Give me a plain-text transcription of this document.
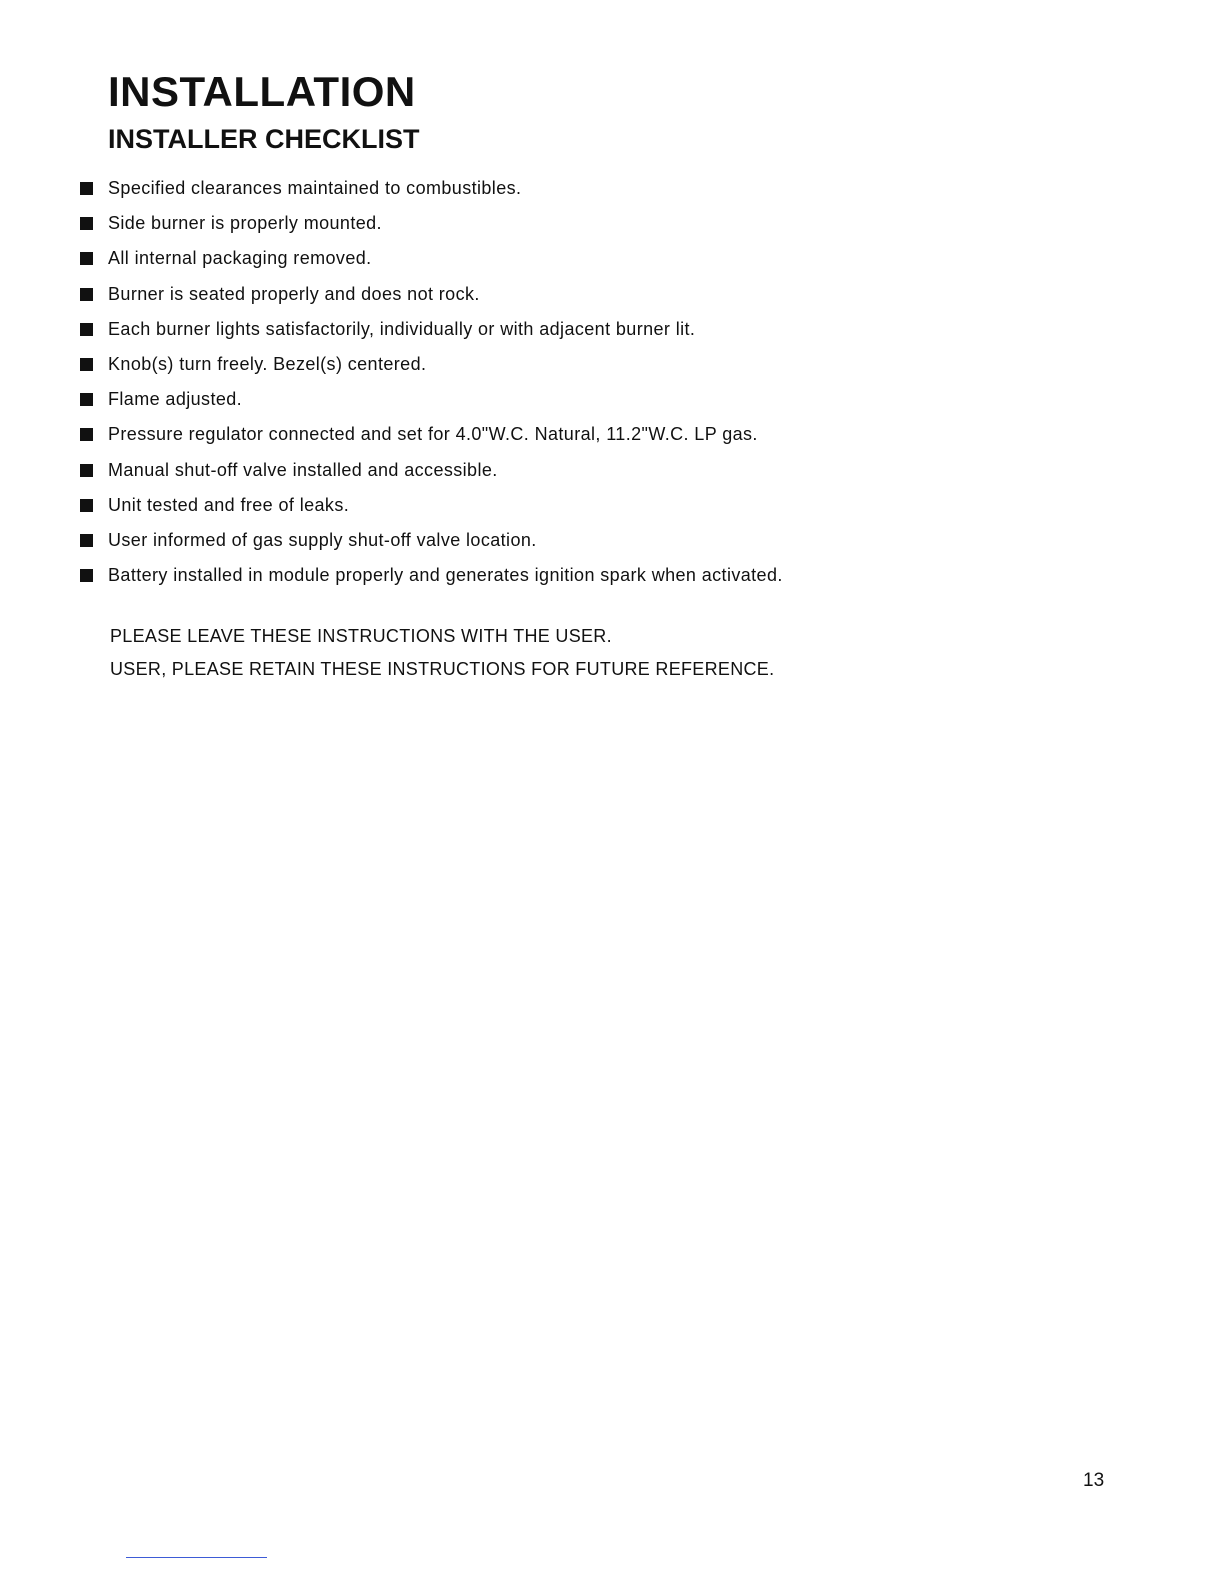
INSTALLATION
INSTALLER CHECKLIST
Specified clearances maintained to combustibles.
Side burner is properly mounted.
All internal packaging removed.
Burner is seated properly and does not rock.
Each burner lights satisfactorily, individually or with adjacent burner lit.
Knob(s) turn freely. Bezel(s) centered.
Flame adjusted.
Pressure regulator connected and set for 4.0"W.C. Natural, 11.2"W.C. LP gas.
Manual shut-off valve installed and accessible.
Unit tested and free of leaks.
User informed of gas supply shut-off valve location.
Battery installed in module properly and generates ignition spark when activated.
PLEASE LEAVE THESE INSTRUCTIONS WITH THE USER.
USER, PLEASE RETAIN THESE INSTRUCTIONS FOR FUTURE REFERENCE.
13
